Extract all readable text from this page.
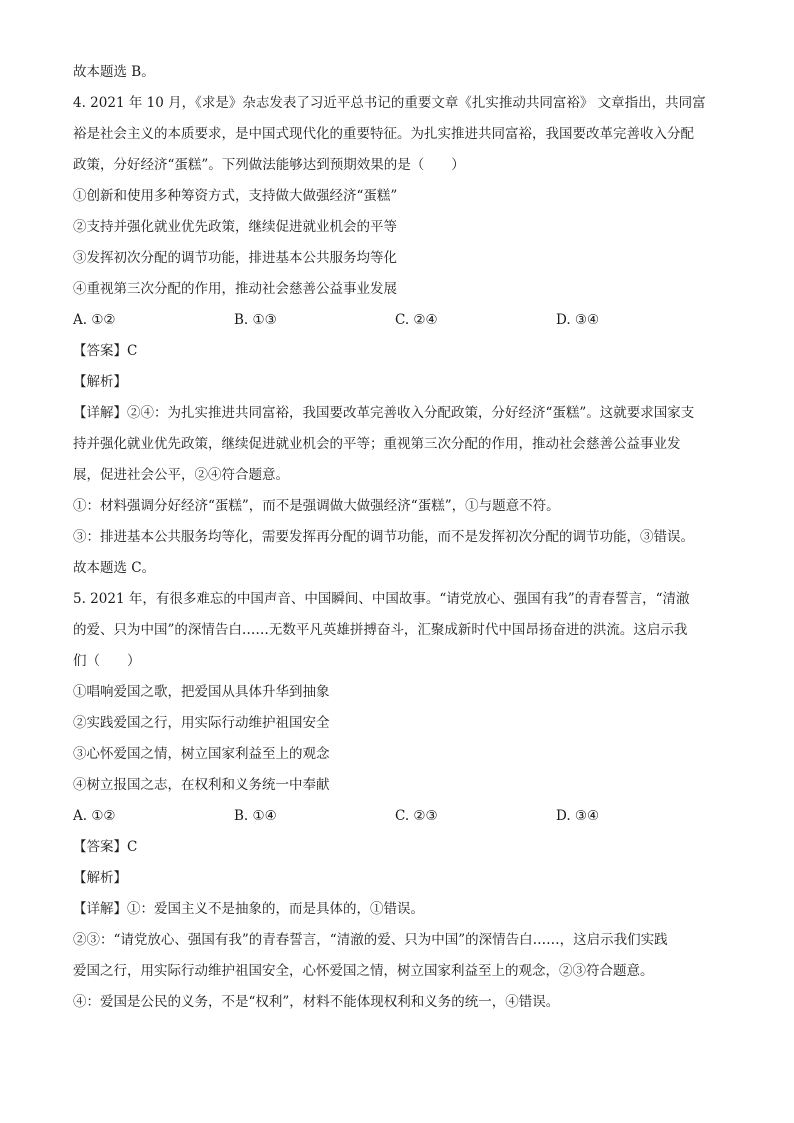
故本题选 B。

4. 2021 年 10 月，《求是》杂志发表了习近平总书记的重要文章《扎实推动共同富裕》 文章指出，共同富

裕是社会主义的本质要求，是中国式现代化的重要特征。为扎实推进共同富裕，我国要改革完善收入分配

政策，分好经济“蛋糕”。下列做法能够达到预期效果的是（　　）

①创新和使用多种筹资方式，支持做大做强经济“蛋糕”

②支持并强化就业优先政策，继续促进就业机会的平等

③发挥初次分配的调节功能，排进基本公共服务均等化

④重视第三次分配的作用，推动社会慈善公益事业发展

A. ①②	B. ①③	C. ②④	D. ③④

【答案】C

【解析】

【详解】②④：为扎实推进共同富裕，我国要改革完善收入分配政策，分好经济“蛋糕”。这就要求国家支

持并强化就业优先政策，继续促进就业机会的平等；重视第三次分配的作用，推动社会慈善公益事业发

展，促进社会公平，②④符合题意。

①：材料强调分好经济“蛋糕”，而不是强调做大做强经济“蛋糕”，①与题意不符。

③：排进基本公共服务均等化，需要发挥再分配的调节功能，而不是发挥初次分配的调节功能，③错误。

故本题选 C。

5. 2021 年，有很多难忘的中国声音、中国瞬间、中国故事。“请党放心、强国有我”的青春誓言，“清澈

的爱、只为中国”的深情告白……无数平凡英雄拼搏奋斗，汇聚成新时代中国昂扬奋进的洪流。这启示我

们（　　）

①唱响爱国之歌，把爱国从具体升华到抽象

②实践爱国之行，用实际行动维护祖国安全

③心怀爱国之情，树立国家利益至上的观念

④树立报国之志，在权利和义务统一中奉献

A. ①②	B. ①④	C. ②③	D. ③④

【答案】C

【解析】

【详解】①：爱国主义不是抽象的，而是具体的，①错误。

②③：“请党放心、强国有我”的青春誓言，“清澈的爱、只为中国”的深情告白……，这启示我们实践

爱国之行，用实际行动维护祖国安全，心怀爱国之情，树立国家利益至上的观念，②③符合题意。

④：爱国是公民的义务，不是“权利”，材料不能体现权利和义务的统一，④错误。
